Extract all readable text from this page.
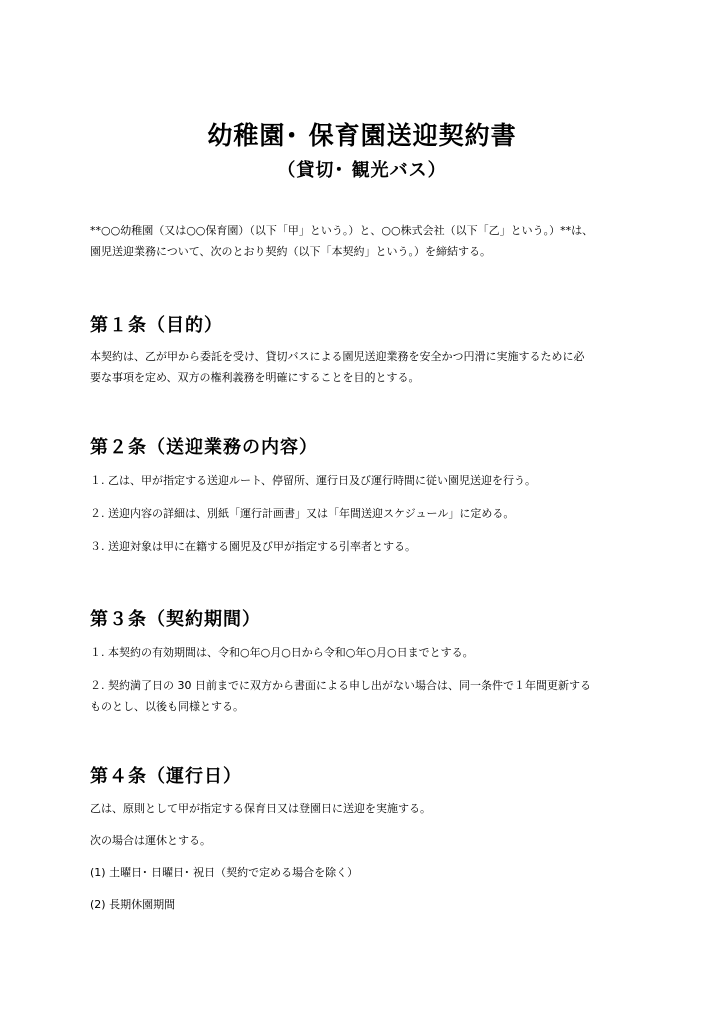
幼稚園･ 保育園送迎契約書
（貸切･ 観光バス）
**○○幼稚園（又は○○保育園）（以下「甲」という。）と、○○株式会社（以下「乙」という。）**は、
園児送迎業務について、次のとおり契約（以下「本契約」という。）を締結する。
第１条（目的）
本契約は、乙が甲から委託を受け、貸切バスによる園児送迎業務を安全かつ円滑に実施するために必
要な事項を定め、双方の権利義務を明確にすることを目的とする。
第２条（送迎業務の内容）
１. 乙は、甲が指定する送迎ルート、停留所、運行日及び運行時間に従い園児送迎を行う。
２. 送迎内容の詳細は、別紙「運行計画書」又は「年間送迎スケジュール」に定める。
３. 送迎対象は甲に在籍する園児及び甲が指定する引率者とする。
第３条（契約期間）
１. 本契約の有効期間は、令和○年○月○日から令和○年○月○日までとする。
２. 契約満了日の 30 日前までに双方から書面による申し出がない場合は、同一条件で１年間更新する
ものとし、以後も同様とする。
第４条（運行日）
乙は、原則として甲が指定する保育日又は登園日に送迎を実施する。
次の場合は運休とする。
(1) 土曜日･ 日曜日･ 祝日（契約で定める場合を除く）
(2) 長期休園期間
